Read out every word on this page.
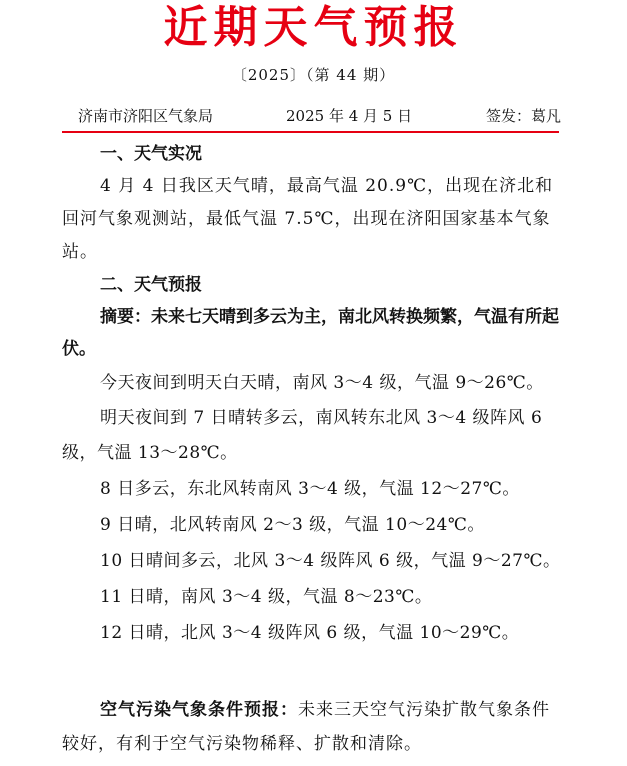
近期天气预报
〔2025〕（第 44 期）
济南市济阳区气象局	2025 年 4 月 5 日	签发：葛凡

一、天气实况

4 月 4 日我区天气晴，最高气温 20.9℃，出现在济北和回河气象观测站，最低气温 7.5℃，出现在济阳国家基本气象站。

二、天气预报

摘要：未来七天晴到多云为主，南北风转换频繁，气温有所起伏。

今天夜间到明天白天晴，南风 3～4 级，气温 9～26℃。

明天夜间到 7 日晴转多云，南风转东北风 3～4 级阵风 6 级，气温 13～28℃。

8 日多云，东北风转南风 3～4 级，气温 12～27℃。

9 日晴，北风转南风 2～3 级，气温 10～24℃。

10 日晴间多云，北风 3～4 级阵风 6 级，气温 9～27℃。

11 日晴，南风 3～4 级，气温 8～23℃。

12 日晴，北风 3～4 级阵风 6 级，气温 10～29℃。

空气污染气象条件预报：未来三天空气污染扩散气象条件较好，有利于空气污染物稀释、扩散和清除。
